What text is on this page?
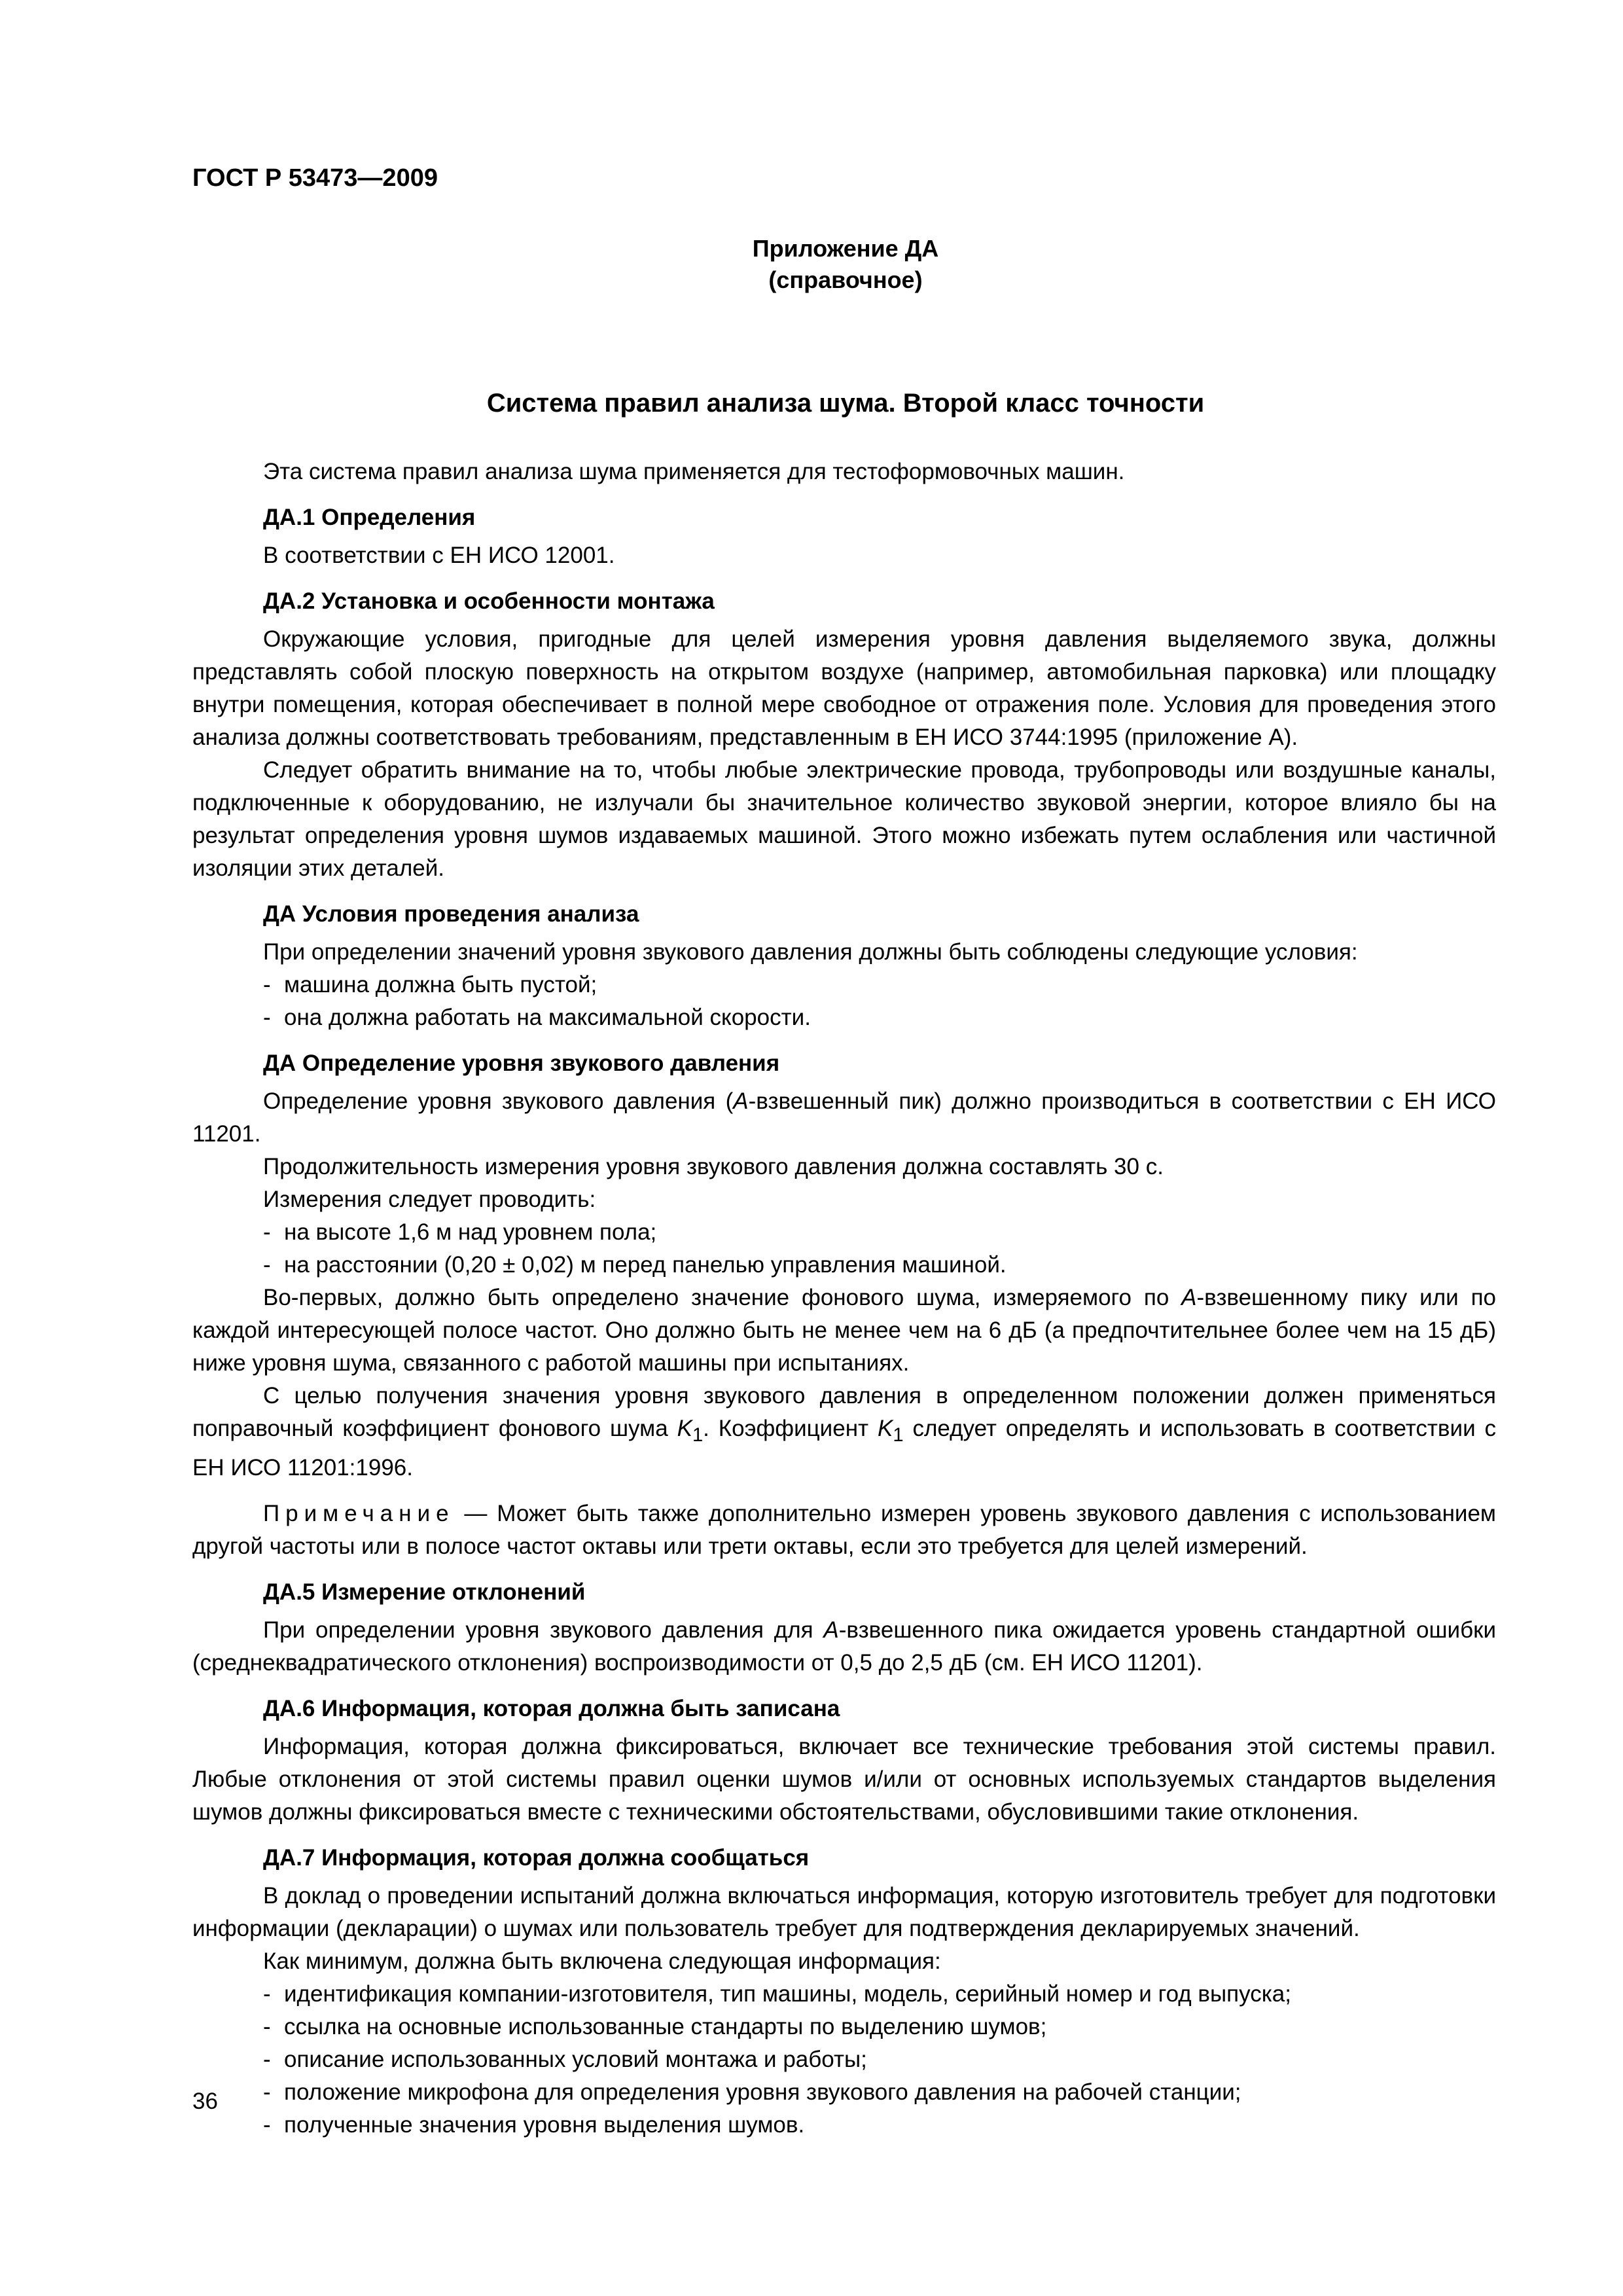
ГОСТ Р 53473—2009

Приложение ДА
(справочное)

Система правил анализа шума. Второй класс точности

Эта система правил анализа шума применяется для тестоформовочных машин.

ДА.1 Определения

В соответствии с ЕН ИСО 12001.

ДА.2 Установка и особенности монтажа

Окружающие условия, пригодные для целей измерения уровня давления выделяемого звука, должны представлять собой плоскую поверхность на открытом воздухе (например, автомобильная парковка) или площадку внутри помещения, которая обеспечивает в полной мере свободное от отражения поле. Условия для проведения этого анализа должны соответствовать требованиям, представленным в ЕН ИСО 3744:1995 (приложение А).

Следует обратить внимание на то, чтобы любые электрические провода, трубопроводы или воздушные каналы, подключенные к оборудованию, не излучали бы значительное количество звуковой энергии, которое влияло бы на результат определения уровня шумов издаваемых машиной. Этого можно избежать путем ослабления или частичной изоляции этих деталей.

ДА Условия проведения анализа

При определении значений уровня звукового давления должны быть соблюдены следующие условия:

- машина должна быть пустой;

- она должна работать на максимальной скорости.

ДА Определение уровня звукового давления

Определение уровня звукового давления (А-взвешенный пик) должно производиться в соответствии с ЕН ИСО 11201.

Продолжительность измерения уровня звукового давления должна составлять 30 с.

Измерения следует проводить:

- на высоте 1,6 м над уровнем пола;

- на расстоянии (0,20 ± 0,02) м перед панелью управления машиной.

Во-первых, должно быть определено значение фонового шума, измеряемого по А-взвешенному пику или по каждой интересующей полосе частот. Оно должно быть не менее чем на 6 дБ (а предпочтительнее более чем на 15 дБ) ниже уровня шума, связанного с работой машины при испытаниях.

С целью получения значения уровня звукового давления в определенном положении должен применяться поправочный коэффициент фонового шума $K_1$. Коэффициент $K_1$ следует определять и использовать в соответствии с ЕН ИСО 11201:1996.

Примечание — Может быть также дополнительно измерен уровень звукового давления с использованием другой частоты или в полосе частот октавы или трети октавы, если это требуется для целей измерений.

ДА.5 Измерение отклонений

При определении уровня звукового давления для А-взвешенного пика ожидается уровень стандартной ошибки (среднеквадратического отклонения) воспроизводимости от 0,5 до 2,5 дБ (см. ЕН ИСО 11201).

ДА.6 Информация, которая должна быть записана

Информация, которая должна фиксироваться, включает все технические требования этой системы правил. Любые отклонения от этой системы правил оценки шумов и/или от основных используемых стандартов выделения шумов должны фиксироваться вместе с техническими обстоятельствами, обусловившими такие отклонения.

ДА.7 Информация, которая должна сообщаться

В доклад о проведении испытаний должна включаться информация, которую изготовитель требует для подготовки информации (декларации) о шумах или пользователь требует для подтверждения декларируемых значений.

Как минимум, должна быть включена следующая информация:

- идентификация компании-изготовителя, тип машины, модель, серийный номер и год выпуска;

- ссылка на основные использованные стандарты по выделению шумов;

- описание использованных условий монтажа и работы;

- положение микрофона для определения уровня звукового давления на рабочей станции;

- полученные значения уровня выделения шумов.

36
